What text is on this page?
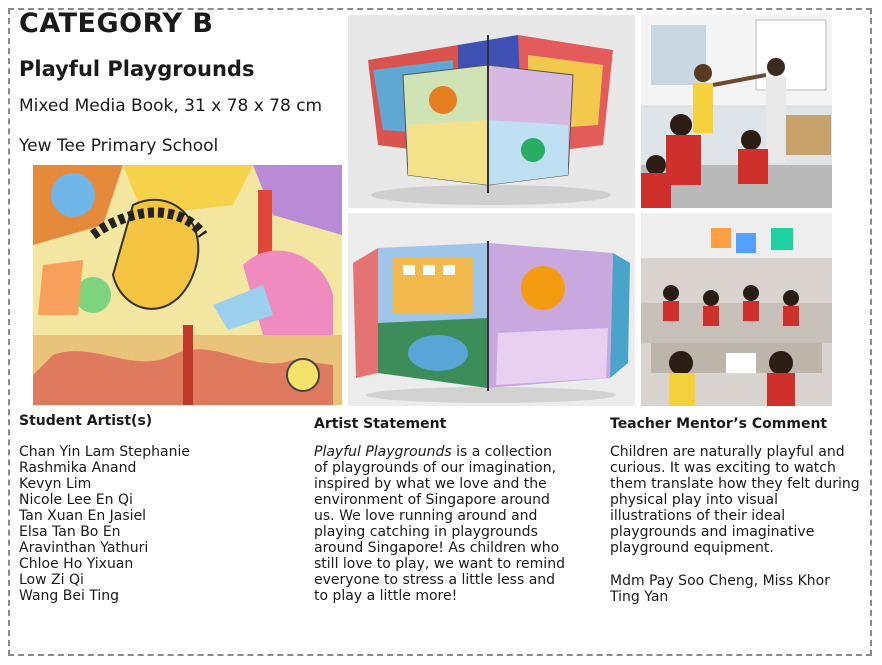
CATEGORY B
Playful Playgrounds
Mixed Media Book, 31 x 78 x 78 cm
Yew Tee Primary School
Student Artist(s)
Chan Yin Lam Stephanie
Rashmika Anand
Kevyn Lim
Nicole Lee En Qi
Tan Xuan En Jasiel
Elsa Tan Bo En
Aravinthan Yathuri
Chloe Ho Yixuan
Low Zi Qi
Wang Bei Ting
Artist Statement
Playful Playgrounds is a collection of playgrounds of our imagination, inspired by what we love and the environment of Singapore around us. We love running around and playing catching in playgrounds around Singapore! As children who still love to play, we want to remind everyone to stress a little less and to play a little more!
Teacher Mentor’s Comment
Children are naturally playful and curious. It was exciting to watch them translate how they felt during physical play into visual illustrations of their ideal playgrounds and imaginative playground equipment.
Mdm Pay Soo Cheng, Miss Khor Ting Yan
